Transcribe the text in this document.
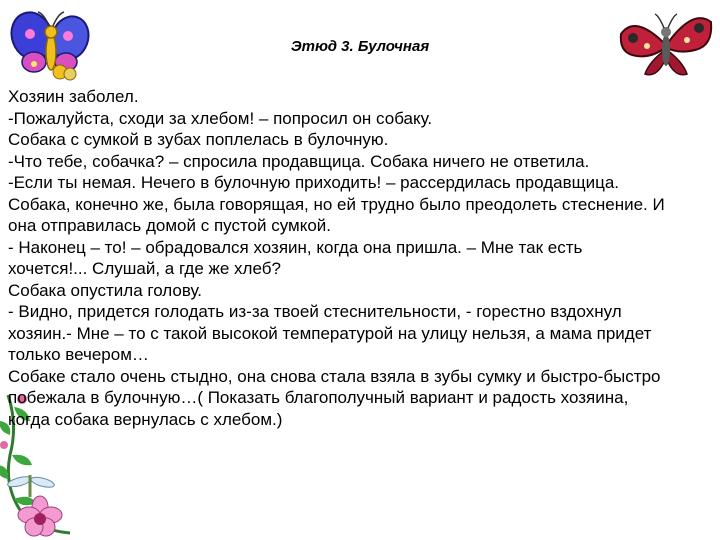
Этюд 3. Булочная

Хозяин заболел.

-Пожалуйста, сходи за хлебом! – попросил он собаку.

Собака с сумкой в зубах поплелась в булочную.

-Что тебе, собачка? – спросила продавщица. Собака ничего не ответила.

-Если ты немая. Нечего в булочную приходить! – рассердилась продавщица.

Собака, конечно же, была говорящая, но ей трудно было преодолеть стеснение. И

она отправилась домой с пустой сумкой.

- Наконец – то! – обрадовался хозяин, когда она пришла. – Мне так есть

хочется!... Слушай, а где же хлеб?

Собака опустила голову.

- Видно, придется голодать из-за твоей стеснительности, - горестно вздохнул

хозяин.- Мне – то с такой высокой температурой на улицу нельзя, а мама придет

только вечером…

Собаке стало очень стыдно, она снова стала взяла в зубы сумку и быстро-быстро

побежала в булочную…( Показать благополучный вариант и радость хозяина,

когда собака вернулась с хлебом.)
